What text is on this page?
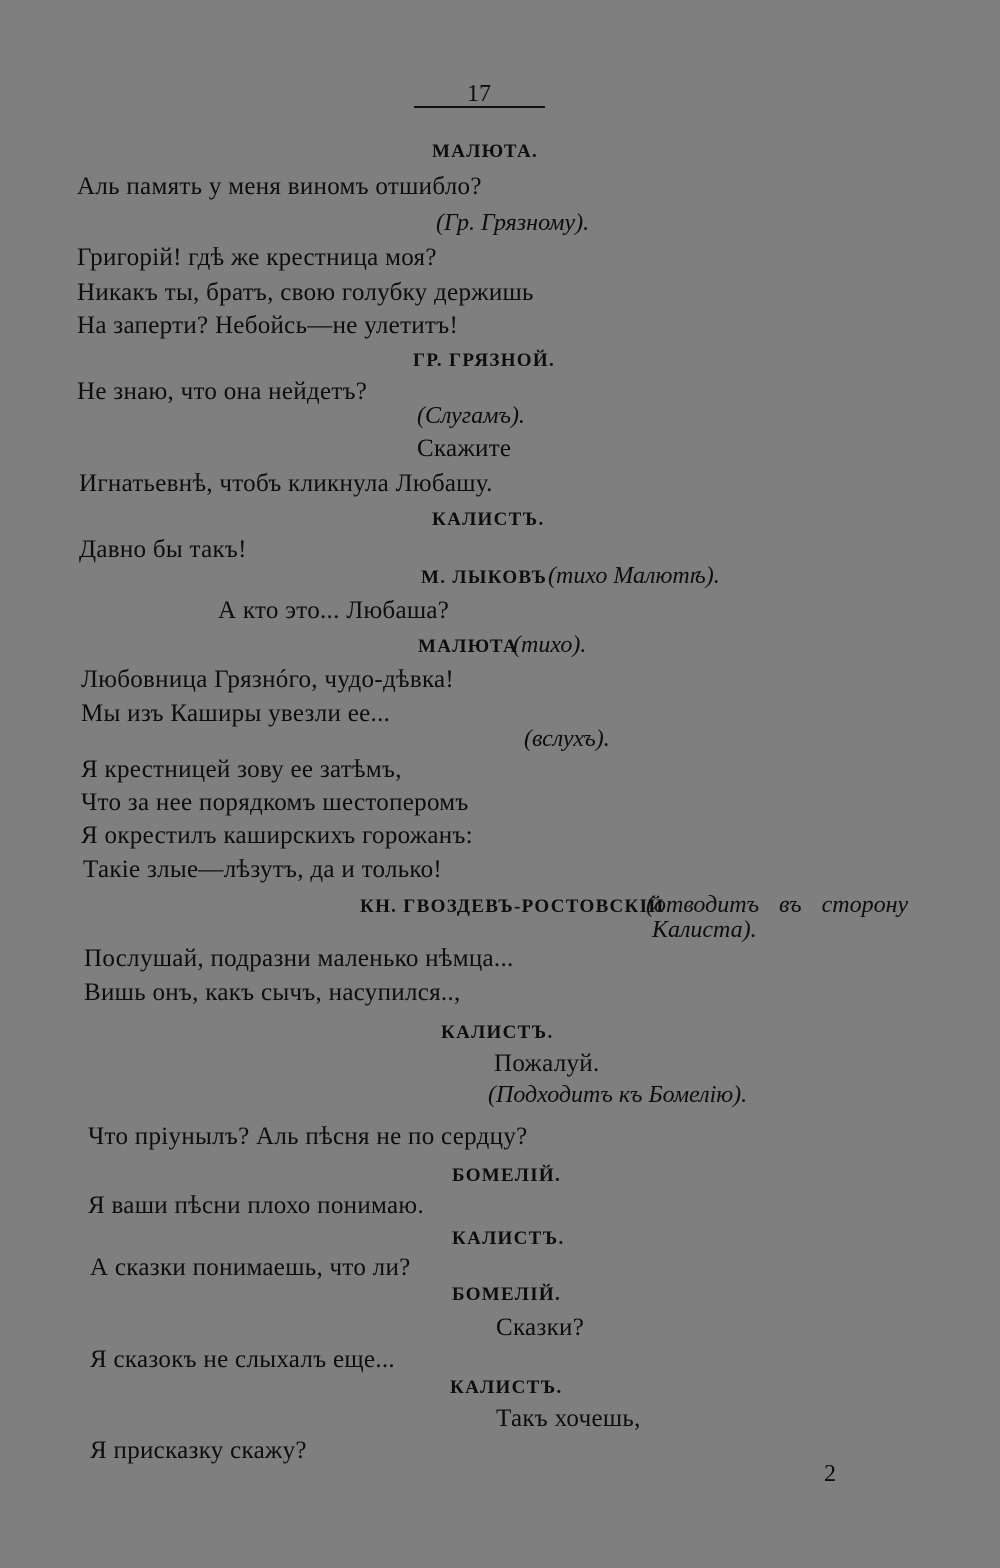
17
МАЛЮТА.
Аль память у меня виномъ отшибло?
(Гр. Грязному).
Григорій! гдѣ же крестница моя?
Никакъ ты, братъ, свою голубку держишь
На заперти? Небойсь—не улетитъ!
ГР. ГРЯЗНОЙ.
Не знаю, что она нейдетъ?
(Слугамъ).
Скажите
Игнатьевнѣ, чтобъ кликнула Любашу.
КАЛИСТЪ.
Давно бы такъ!
М. ЛЫКОВЪ (тихо Малютѣ).
А кто это... Любаша?
МАЛЮТА
(тихо).
Любовница Грязнóго, чудо-дѣвка!
Мы изъ Каширы увезли ее...
(вслухъ).
Я крестницей зову ее затѣмъ,
Что за нее порядкомъ шестоперомъ
Я окрестилъ каширскихъ горожанъ:
Такіе злые—лѣзутъ, да и только!
КН. ГВОЗДЕВЪ-РОСТОВСКІЙ
(отводитъ въ сторону
Калиста).
Послушай, подразни маленько нѣмца...
Вишь онъ, какъ сычъ, насупился..,
КАЛИСТЪ.
Пожалуй.
(Подходитъ къ Бомелію).
Что пріунылъ? Аль пѣсня не по сердцу?
БОМЕЛІЙ.
Я ваши пѣсни плохо понимаю.
КАЛИСТЪ.
А сказки понимаешь, что ли?
БОМЕЛІЙ.
Сказки?
Я сказокъ не слыхалъ еще...
КАЛИСТЪ.
Такъ хочешь,
Я присказку скажу?
2
